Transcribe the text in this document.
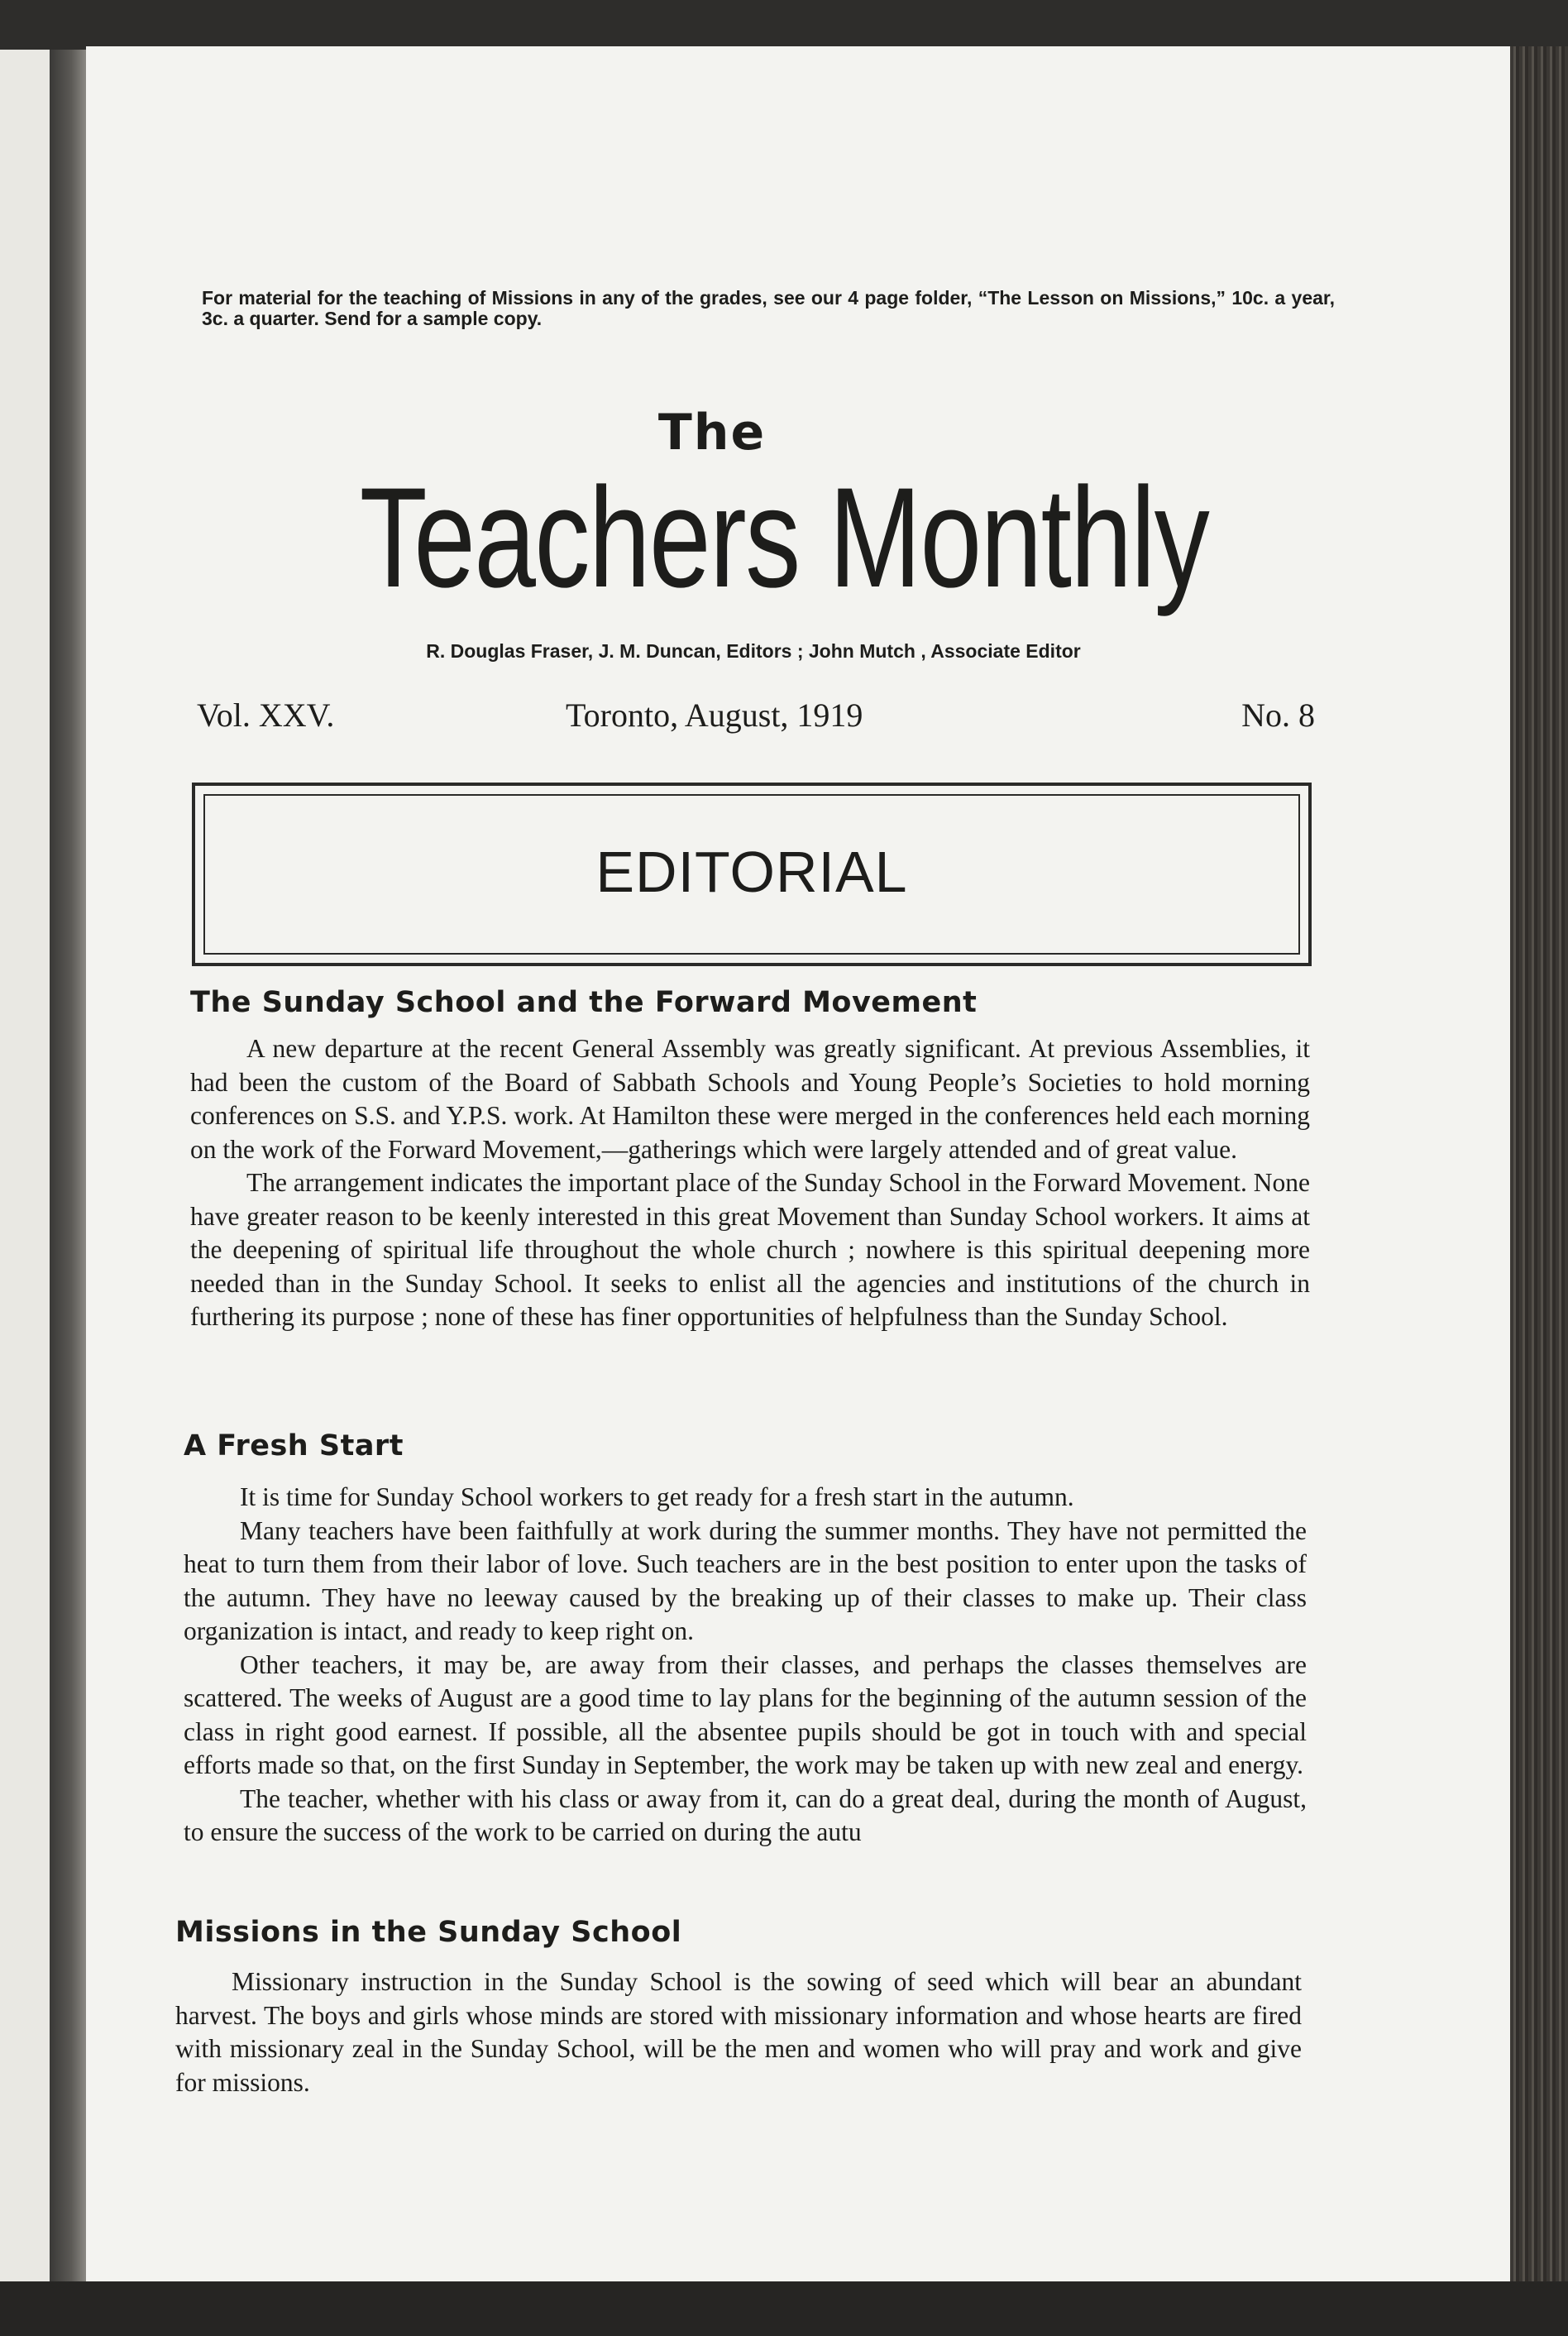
For material for the teaching of Missions in any of the grades, see our 4 page folder, “The Lesson on Missions,” 10c. a year, 3c. a quarter. Send for a sample copy.
The
Teachers Monthly
R. Douglas Fraser, J. M. Duncan, Editors ; John Mutch , Associate Editor
Vol. XXV.	Toronto, August, 1919	No. 8
EDITORIAL
The Sunday School and the Forward Movement

A new departure at the recent General Assembly was greatly significant. At previous Assemblies, it had been the custom of the Board of Sabbath Schools and Young People’s Societies to hold morning conferences on S.S. and Y.P.S. work. At Hamilton these were merged in the conferences held each morning on the work of the Forward Movement,—gatherings which were largely attended and of great value.

The arrangement indicates the important place of the Sunday School in the Forward Movement. None have greater reason to be keenly interested in this great Movement than Sunday School workers. It aims at the deepening of spiritual life throughout the whole church ; nowhere is this spiritual deepening more needed than in the Sunday School. It seeks to enlist all the agencies and institutions of the church in furthering its purpose ; none of these has finer opportunities of helpfulness than the Sunday School.

A Fresh Start

It is time for Sunday School workers to get ready for a fresh start in the autumn.

Many teachers have been faithfully at work during the summer months. They have not permitted the heat to turn them from their labor of love. Such teachers are in the best position to enter upon the tasks of the autumn. They have no leeway caused by the breaking up of their classes to make up. Their class organization is intact, and ready to keep right on.

Other teachers, it may be, are away from their classes, and perhaps the classes themselves are scattered. The weeks of August are a good time to lay plans for the beginning of the autumn session of the class in right good earnest. If possible, all the absentee pupils should be got in touch with and special efforts made so that, on the first Sunday in September, the work may be taken up with new zeal and energy.

The teacher, whether with his class or away from it, can do a great deal, during the month of August, to ensure the success of the work to be carried on during the autu

Missions in the Sunday School

Missionary instruction in the Sunday School is the sowing of seed which will bear an abundant harvest. The boys and girls whose minds are stored with missionary information and whose hearts are fired with missionary zeal in the Sunday School, will be the men and women who will pray and work and give for missions.
